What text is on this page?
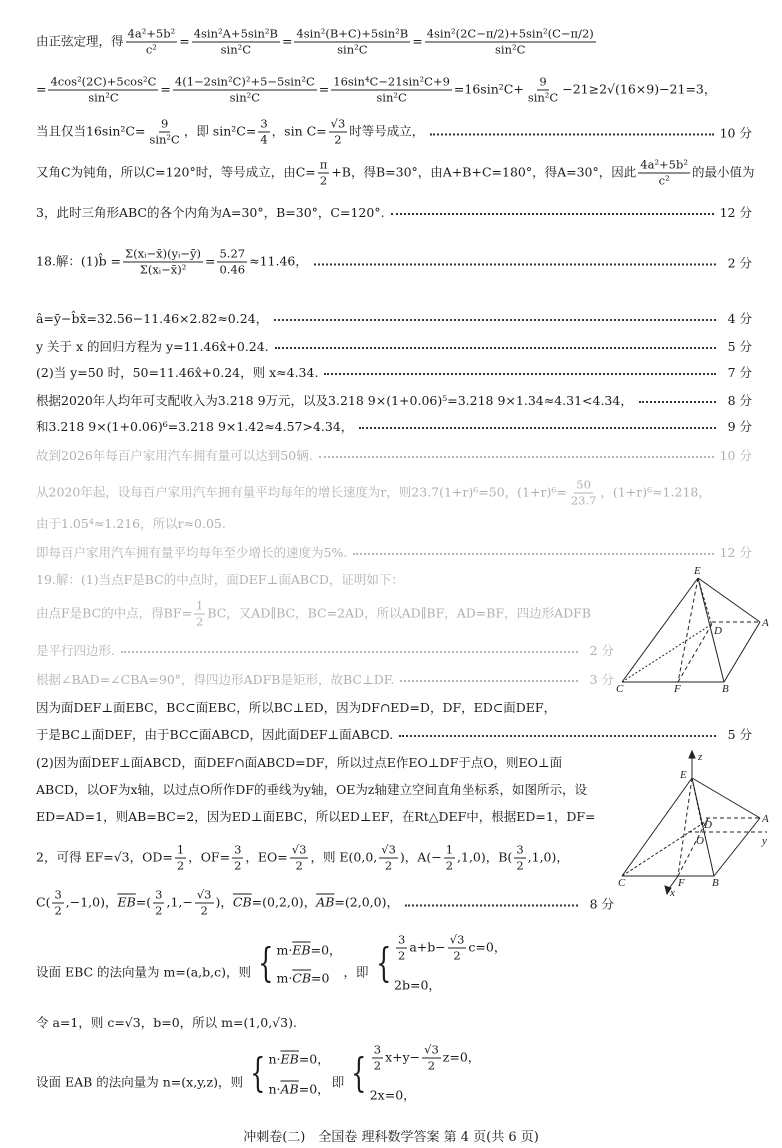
由正弦定理，得 $\frac{\text{4a²+5b²}}{\text{c²}} = \frac{\text{4sin²A+5sin²B}}{\text{sin²C}} = \frac{\text{4sin²(B+C)+5sin²B}}{\text{sin²C}} = \frac{\text{4sin²(2C−π/2)+5sin²(C−π/2)}}{\text{sin²C}}$
= $\frac{\text{4cos²(2C)+5cos²C}}{\text{sin²C}} = \frac{\text{4(1−2sin²C)²+5−5sin²C}}{\text{sin²C}} = \frac{\text{16sin⁴C−21sin²C+9}}{\text{sin²C}} =16\sin^2C+ \frac{9}{\text{sin²C}} -21\ge 2√(16\times 9)-21=3$，
当且仅当$16\sin^2C= \frac{9}{\text{sin²C}}$ ，即 $\sin^2C= \frac{3}{4}$ ，$\sin C= \frac{√3}{2}$ 时等号成立，	10 分
又角C为钝角，所以C=120°时，等号成立，由$C= \frac{\pi}{2} +B$，得B=30°，由A+B+C=180°，得A=30°，因此 $\frac{\text{4a²+5b²}}{\text{c²}}$ 的最小值为
3，此时三角形ABC的各个内角为A=30°，B=30°，C=120°.	12 分
18.解：(1)b̂ = $\frac{\text{Σ(xᵢ−x̄)(yᵢ−ȳ)}}{\text{Σ(xᵢ−x̄)²}} = \frac{5.27}{0.46} \approx 11.46$，	2 分
â=ȳ−b̂x̄=32.56−11.46×2.82≈0.24，	4 分
y 关于 x 的回归方程为 y=11.46x̂+0.24.	5 分
(2)当 y=50 时，50=11.46x̂+0.24，则 x≈4.34.	7 分
根据2020年人均年可支配收入为3.218 9万元，以及3.218 9×(1+0.06)⁵=3.218 9×1.34≈4.31<4.34，	8 分
和3.218 9×(1+0.06)⁶=3.218 9×1.42≈4.57>4.34，	9 分
故到2026年每百户家用汽车拥有量可以达到50辆.	10 分
从2020年起，设每百户家用汽车拥有量平均每年的增长速度为r，则23.7(1+r)⁶=50，$(1+r)^6= \frac{50}{23.7}$ ，(1+r)⁶≈1.218，
由于1.05⁴≈1.216，所以r≈0.05.
即每百户家用汽车拥有量平均每年至少增长的速度为5%.	12 分
19.解：(1)当点F是BC的中点时，面DEF⊥面ABCD，证明如下：
由点F是BC的中点，得$BF= \frac{1}{2}$ BC，又AD∥BC，BC=2AD，所以AD∥BF，AD=BF，四边形ADFB
是平行四边形.	2 分
根据∠BAD=∠CBA=90°，得四边形ADFB是矩形，故BC⊥DF.	3 分
因为面DEF⊥面EBC，BC⊂面EBC，所以BC⊥ED，因为DF∩ED=D，DF，ED⊂面DEF，
于是BC⊥面DEF，由于BC⊂面ABCD，因此面DEF⊥面ABCD.	5 分
(2)因为面DEF⊥面ABCD，面DEF∩面ABCD=DF，所以过点E作EO⊥DF于点O，则EO⊥面
ABCD，以OF为x轴，以过点O所作DF的垂线为y轴，OE为z轴建立空间直角坐标系，如图所示，设
ED=AD=1，则AB=BC=2，因为ED⊥面EBC，所以ED⊥EF，在Rt△DEF中，根据ED=1，DF=
2，可得 EF=√3，$OD= \frac{1}{2}$ ，$OF= \frac{3}{2}$ ，$EO= \frac{√3}{2}$ ，则 E(0,0, $\frac{√3}{2}$ )，$A(- \frac{1}{2} ,1,0)$，$B( \frac{3}{2} ,1,0)$，
$C( \frac{3}{2} ,-1,0)$，$\overline{EB}=( \frac{3}{2} ,1,- \frac{√3}{2}$ )，$\overline{CB}=(0,2,0)$，$\overline{AB}=(2,0,0)$，	8 分
设面 EBC 的法向量为 m=(a,b,c)，则 { $m\cdot\overline{EB}=0$，
$m\cdot\overline{CB}=0$	，即 { $\frac{3}{2} a+b- \frac{√3}{2} c=0$，
2b=0，
令 a=1，则 c=√3，b=0，所以 m=(1,0,√3).
设面 EAB 的法向量为 n=(x,y,z)，则 { $n\cdot\overline{EB}=0$，
$n\cdot\overline{AB}=0$， 即 { $\frac{3}{2} x+y- \frac{√3}{2} z=0$，
2x=0，
E
A
D
C	F	B
z
E
A
D
O	y
C	F B
x
冲刺卷(二)　全国卷 理科数学答案 第 4 页(共 6 页)
